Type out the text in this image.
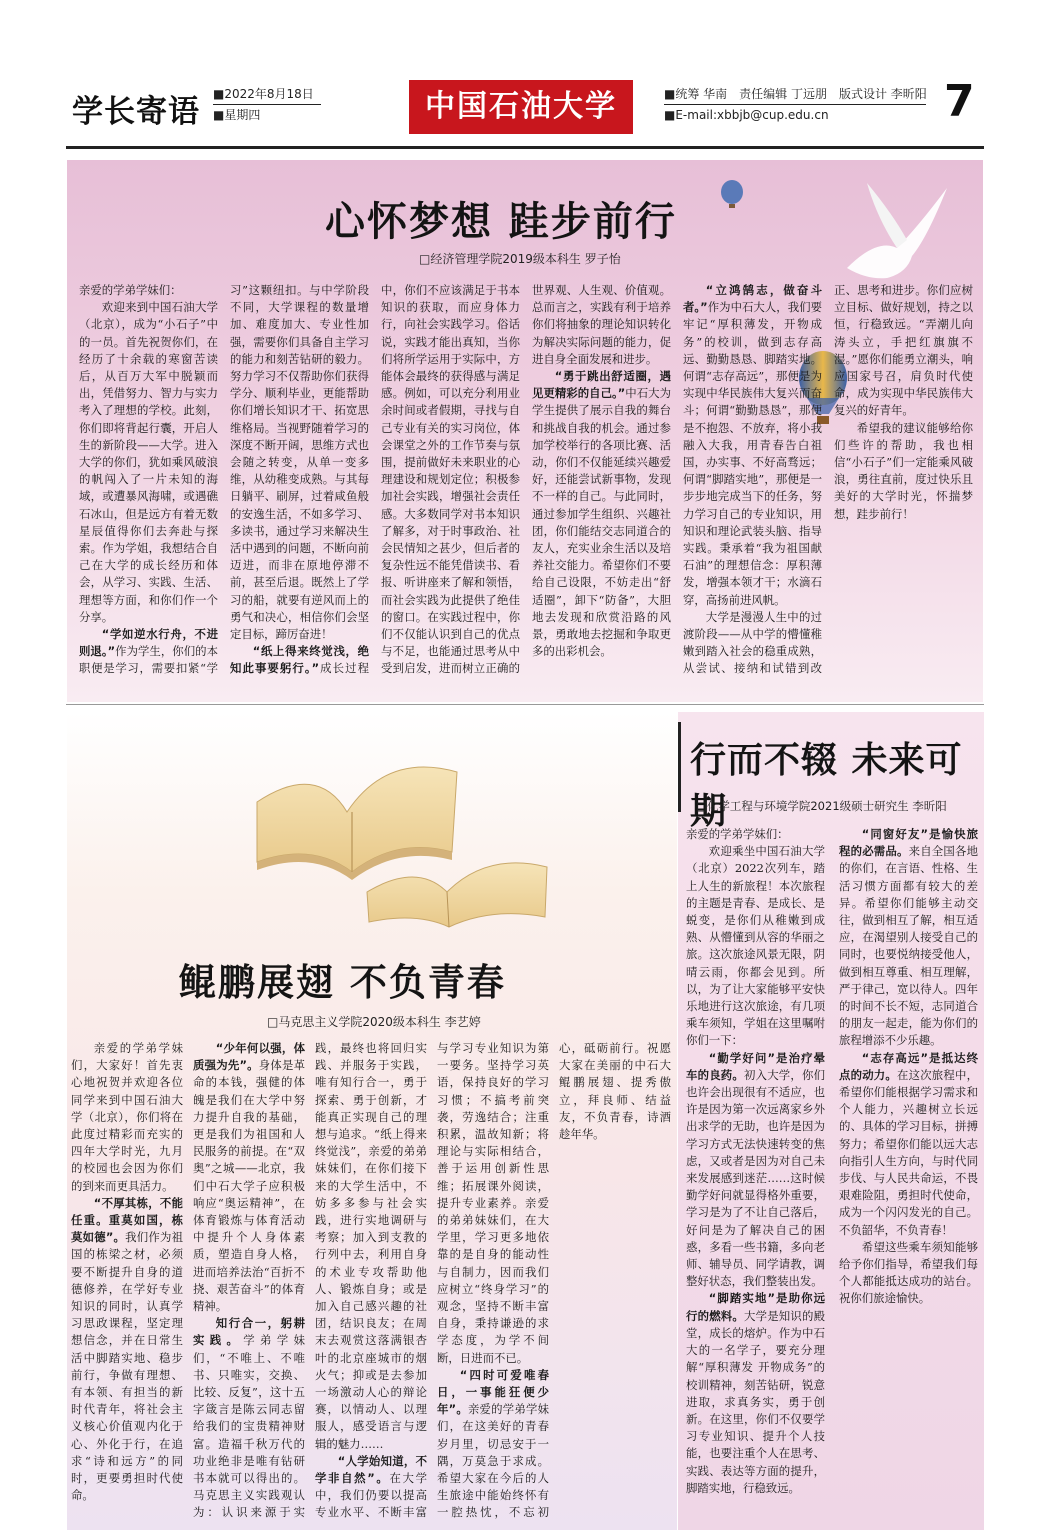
学长寄语 ■2022年8月18日
■星期四	中国石油大学	■统筹 华南　责任编辑 丁远朋　版式设计 李昕阳
■E-mail:xbbjb@cup.edu.cn	7
心怀梦想 跬步前行
□经济管理学院2019级本科生 罗子怡

亲爱的学弟学妹们：

欢迎来到中国石油大学（北京），成为“小石子”中的一员。首先祝贺你们，在经历了十余载的寒窗苦读后，从百万大军中脱颖而出，凭借努力、智力与实力考入了理想的学校。此刻，你们即将背起行囊，开启人生的新阶段——大学。进入大学的你们，犹如乘风破浪的帆闯入了一片未知的海域，或遭暴风海啸，或遇礁石冰山，但是远方有着无数星辰值得你们去奔赴与探索。作为学姐，我想结合自己在大学的成长经历和体会，从学习、实践、生活、理想等方面，和你们作一个分享。

“学如逆水行舟，不进则退。”作为学生，你们的本职便是学习，需要扣紧“学习”这颗纽扣。与中学阶段不同，大学课程的数量增加、难度加大、专业性加强，需要你们具备自主学习的能力和刻苦钻研的毅力。努力学习不仅帮助你们获得学分、顺利毕业，更能帮助你们增长知识才干、拓宽思维格局。当视野随着学习的深度不断开阔，思维方式也会随之转变，从单一变多维，从幼稚变成熟。与其每日躺平、刷屏，过着咸鱼般的安逸生活，不如多学习、多读书，通过学习来解决生活中遇到的问题，不断向前迈进，而非在原地停滞不前，甚至后退。既然上了学习的船，就要有逆风而上的勇气和决心，相信你们会坚定目标，蹄厉奋进！

“纸上得来终觉浅，绝知此事要躬行。”成长过程中，你们不应该满足于书本知识的获取，而应身体力行，向社会实践学习。俗话说，实践才能出真知，当你们将所学运用于实际中，方能体会最终的获得感与满足感。例如，可以充分利用业余时间或者假期，寻找与自己专业有关的实习岗位，体会课堂之外的工作节奏与氛围，提前做好未来职业的心理建设和规划定位；积极参加社会实践，增强社会责任感。大多数同学对书本知识了解多，对于时事政治、社会民情知之甚少，但后者的复杂性远不能凭借读书、看报、听讲座来了解和领悟，而社会实践为此提供了绝佳的窗口。在实践过程中，你们不仅能认识到自己的优点与不足，也能通过思考从中受到启发，进而树立正确的世界观、人生观、价值观。总而言之，实践有利于培养你们将抽象的理论知识转化为解决实际问题的能力，促进自身全面发展和进步。

“勇于跳出舒适圈，遇见更精彩的自己。”中石大为学生提供了展示自我的舞台和挑战自我的机会。通过参加学校举行的各项比赛、活动，你们不仅能延续兴趣爱好，还能尝试新事物，发现不一样的自己。与此同时，通过参加学生组织、兴趣社团，你们能结交志同道合的友人，充实业余生活以及培养社交能力。希望你们不要给自己设限，不妨走出“舒适圈”，卸下“防备”，大胆地去发现和欣赏沿路的风景，勇敢地去挖掘和争取更多的出彩机会。

“立鸿鹄志，做奋斗者。”作为中石大人，我们要牢记“厚积薄发，开物成务”的校训，做到志存高远、勤勤恳恳、脚踏实地。何谓“志存高远”，那便是为实现中华民族伟大复兴而奋斗；何谓“勤勤恳恳”，那便是不抱怨、不放弃，将小我融入大我，用青春告白祖国，办实事、不好高骛远；何谓“脚踏实地”，那便是一步步地完成当下的任务，努力学习自己的专业知识，用知识和理论武装头脑、指导实践。秉承着“我为祖国献石油”的理想信念：厚积薄发，增强本领才干；水滴石穿，高扬前进风帆。

大学是漫漫人生中的过渡阶段——从中学的懵懂稚嫩到踏入社会的稳重成熟，从尝试、接纳和试错到改正、思考和进步。你们应树立目标、做好规划，持之以恒，行稳致远。“弄潮儿向涛头立，手把红旗旗不湿。”愿你们能勇立潮头，响应国家号召，肩负时代使命，成为实现中华民族伟大复兴的好青年。

希望我的建议能够给你们些许的帮助，我也相信“小石子”们一定能乘风破浪，勇往直前，度过快乐且美好的大学时光，怀揣梦想，跬步前行！

鲲鹏展翅 不负青春
□马克思主义学院2020级本科生 李艺婷

亲爱的学弟学妹们，大家好！首先衷心地祝贺并欢迎各位同学来到中国石油大学（北京），你们将在此度过精彩而充实的四年大学时光，九月的校园也会因为你们的到来而更具活力。

“不厚其栋，不能任重。重莫如国，栋莫如德”。我们作为祖国的栋梁之材，必须要不断提升自身的道德修养，在学好专业知识的同时，认真学习思政课程，坚定理想信念，并在日常生活中脚踏实地、稳步前行，争做有理想、有本领、有担当的新时代青年，将社会主义核心价值观内化于心、外化于行，在追求“诗和远方”的同时，更要勇担时代使命。

“少年何以强，体质强为先”。身体是革命的本钱，强健的体魄是我们在大学中努力提升自我的基础，更是我们为祖国和人民服务的前提。在“双奥”之城——北京，我们中石大学子应积极响应“奥运精神”，在体育锻炼与体育活动中提升个人身体素质，塑造自身人格，进而培养法治“百折不挠、艰苦奋斗”的体育精神。

知行合一，躬耕实践。学弟学妹们，“不唯上、不唯书、只唯实，交换、比较、反复”，这十五字箴言是陈云同志留给我们的宝贵精神财富。造福千秋万代的功业绝非是唯有钻研书本就可以得出的。马克思主义实践观认为：认识来源于实践，最终也将回归实践、并服务于实践，唯有知行合一，勇于探索、勇于创新，才能真正实现自己的理想与追求。“纸上得来终觉浅”，亲爱的弟弟妹妹们，在你们接下来的大学生活中，不妨多多参与社会实践，进行实地调研与考察；加入到支教的行列中去，利用自身的术业专攻帮助他人、锻炼自身；或是加入自己感兴趣的社团，结识良友；在周末去观赏这落满银杏叶的北京座城市的烟火气；抑或是去参加一场激动人心的辩论赛，以情动人、以理服人，感受语言与逻辑的魅力……

“人学始知道，不学非自然”。在大学中，我们仍要以提高专业水平、不断丰富与学习专业知识为第一要务。坚持学习英语，保持良好的学习习惯；不搞考前突袭，劳逸结合；注重积累，温故知新；将理论与实际相结合，善于运用创新性思维；拓展课外阅读，提升专业素养。亲爱的弟弟妹妹们，在大学里，学习更多地依靠的是自身的能动性与自制力，因而我们应树立“终身学习”的观念，坚持不断丰富自身，秉持谦逊的求学态度，为学不间断，日进而不已。

“四时可爱唯春日，一事能狂便少年”。亲爱的学弟学妹们，在这美好的青春岁月里，切忌安于一隅，万莫急于求成。希望大家在今后的人生旅途中能始终怀有一腔热忱，不忘初心，砥砺前行。祝愿大家在美丽的中石大鲲鹏展翅、提秀傲立，拜良师、结益友，不负青春，诗酒趁年华。

行而不辍 未来可期
□化学工程与环境学院2021级硕士研究生 李昕阳

亲爱的学弟学妹们：

欢迎乘坐中国石油大学（北京）2022次列车，踏上人生的新旅程！本次旅程的主题是青春、是成长、是蜕变，是你们从稚嫩到成熟、从懵懂到从容的华丽之旅。这次旅途风景无限，阴晴云雨，你都会见到。所以，为了让大家能够平安快乐地进行这次旅途，有几项乘车须知，学姐在这里嘱咐你们一下：

“勤学好问”是治疗晕车的良药。初入大学，你们也许会出现很有不适应，也许是因为第一次远离家乡外出求学的无助，也许是因为学习方式无法快速转变的焦虑，又或者是因为对自己未来发展感到迷茫……这时候勤学好问就显得格外重要，学习是为了不让自己落后，好问是为了解决自己的困惑，多看一些书籍，多向老师、辅导员、同学请教，调整好状态，我们整装出发。

“脚踏实地”是助你远行的燃料。大学是知识的殿堂，成长的熔炉。作为中石大的一名学子，要充分理解“厚积薄发 开物成务”的校训精神，刻苦钻研，锐意进取，求真务实，勇于创新。在这里，你们不仅要学习专业知识、提升个人技能，也要注重个人在思考、实践、表达等方面的提升，脚踏实地，行稳致远。

“同窗好友”是愉快旅程的必需品。来自全国各地的你们，在言语、性格、生活习惯方面都有较大的差异。希望你们能够主动交往，做到相互了解，相互适应，在渴望别人接受自己的同时，也要悦纳接受他人，做到相互尊重、相互理解，严于律己，宽以待人。四年的时间不长不短，志同道合的朋友一起走，能为你们的旅程增添不少乐趣。

“志存高远”是抵达终点的动力。在这次旅程中，希望你们能根据学习需求和个人能力，兴趣树立长远的、具体的学习目标，拼搏努力；希望你们能以远大志向指引人生方向，与时代同步伐、与人民共命运，不畏艰难险阻，勇担时代使命，成为一个闪闪发光的自己。不负韶华，不负青春！

希望这些乘车须知能够给予你们指导，希望我们每个人都能抵达成功的站台。祝你们旅途愉快。
